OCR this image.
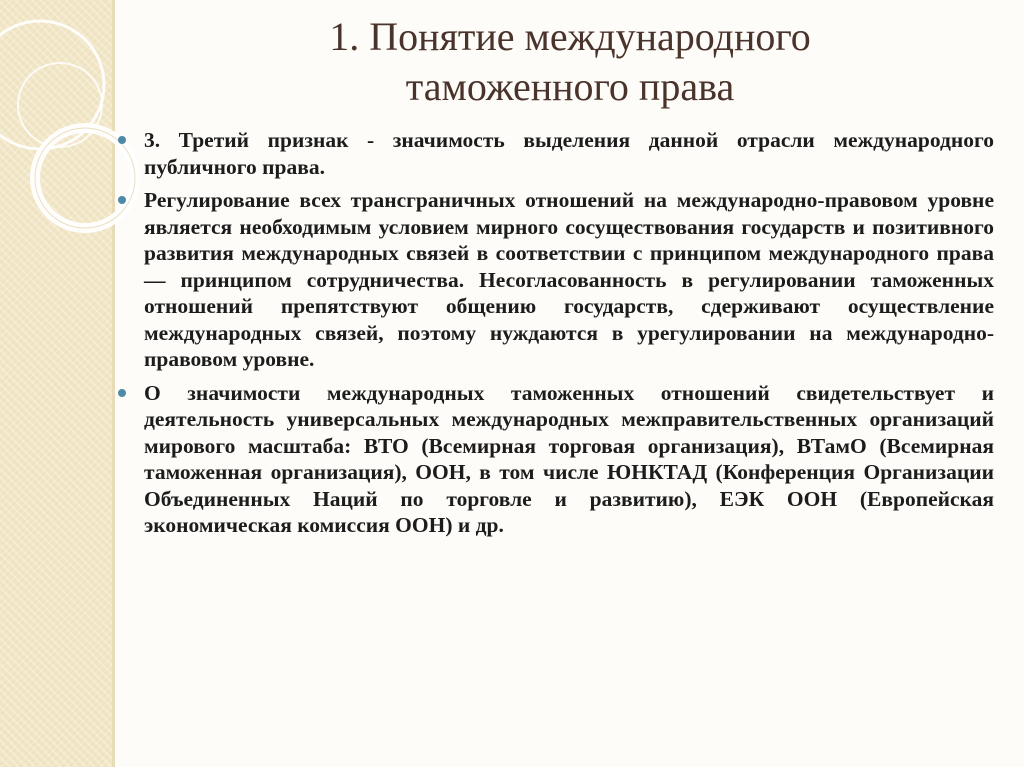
1. Понятие международного
таможенного права
3. Третий признак - значимость выделения данной отрасли международного публичного права.
Регулирование всех трансграничных отношений на международно-правовом уровне является необходимым условием мирного сосуществования государств и позитивного развития международных связей в соответствии с принципом международного права — принципом сотрудничества. Несогласованность в регулировании таможенных отношений препятствуют общению государств, сдерживают осуществление международных связей, поэтому нуждаются в урегулировании на международно-правовом уровне.
О значимости международных таможенных отношений свидетельствует и деятельность универсальных международных межправительственных организаций мирового масштаба: ВТО (Всемирная торговая организация), ВТамО (Всемирная таможенная организация), ООН, в том числе ЮНКТАД (Конференция Организации Объединенных Наций по торговле и развитию), ЕЭК ООН (Европейская экономическая комиссия ООН) и др.
